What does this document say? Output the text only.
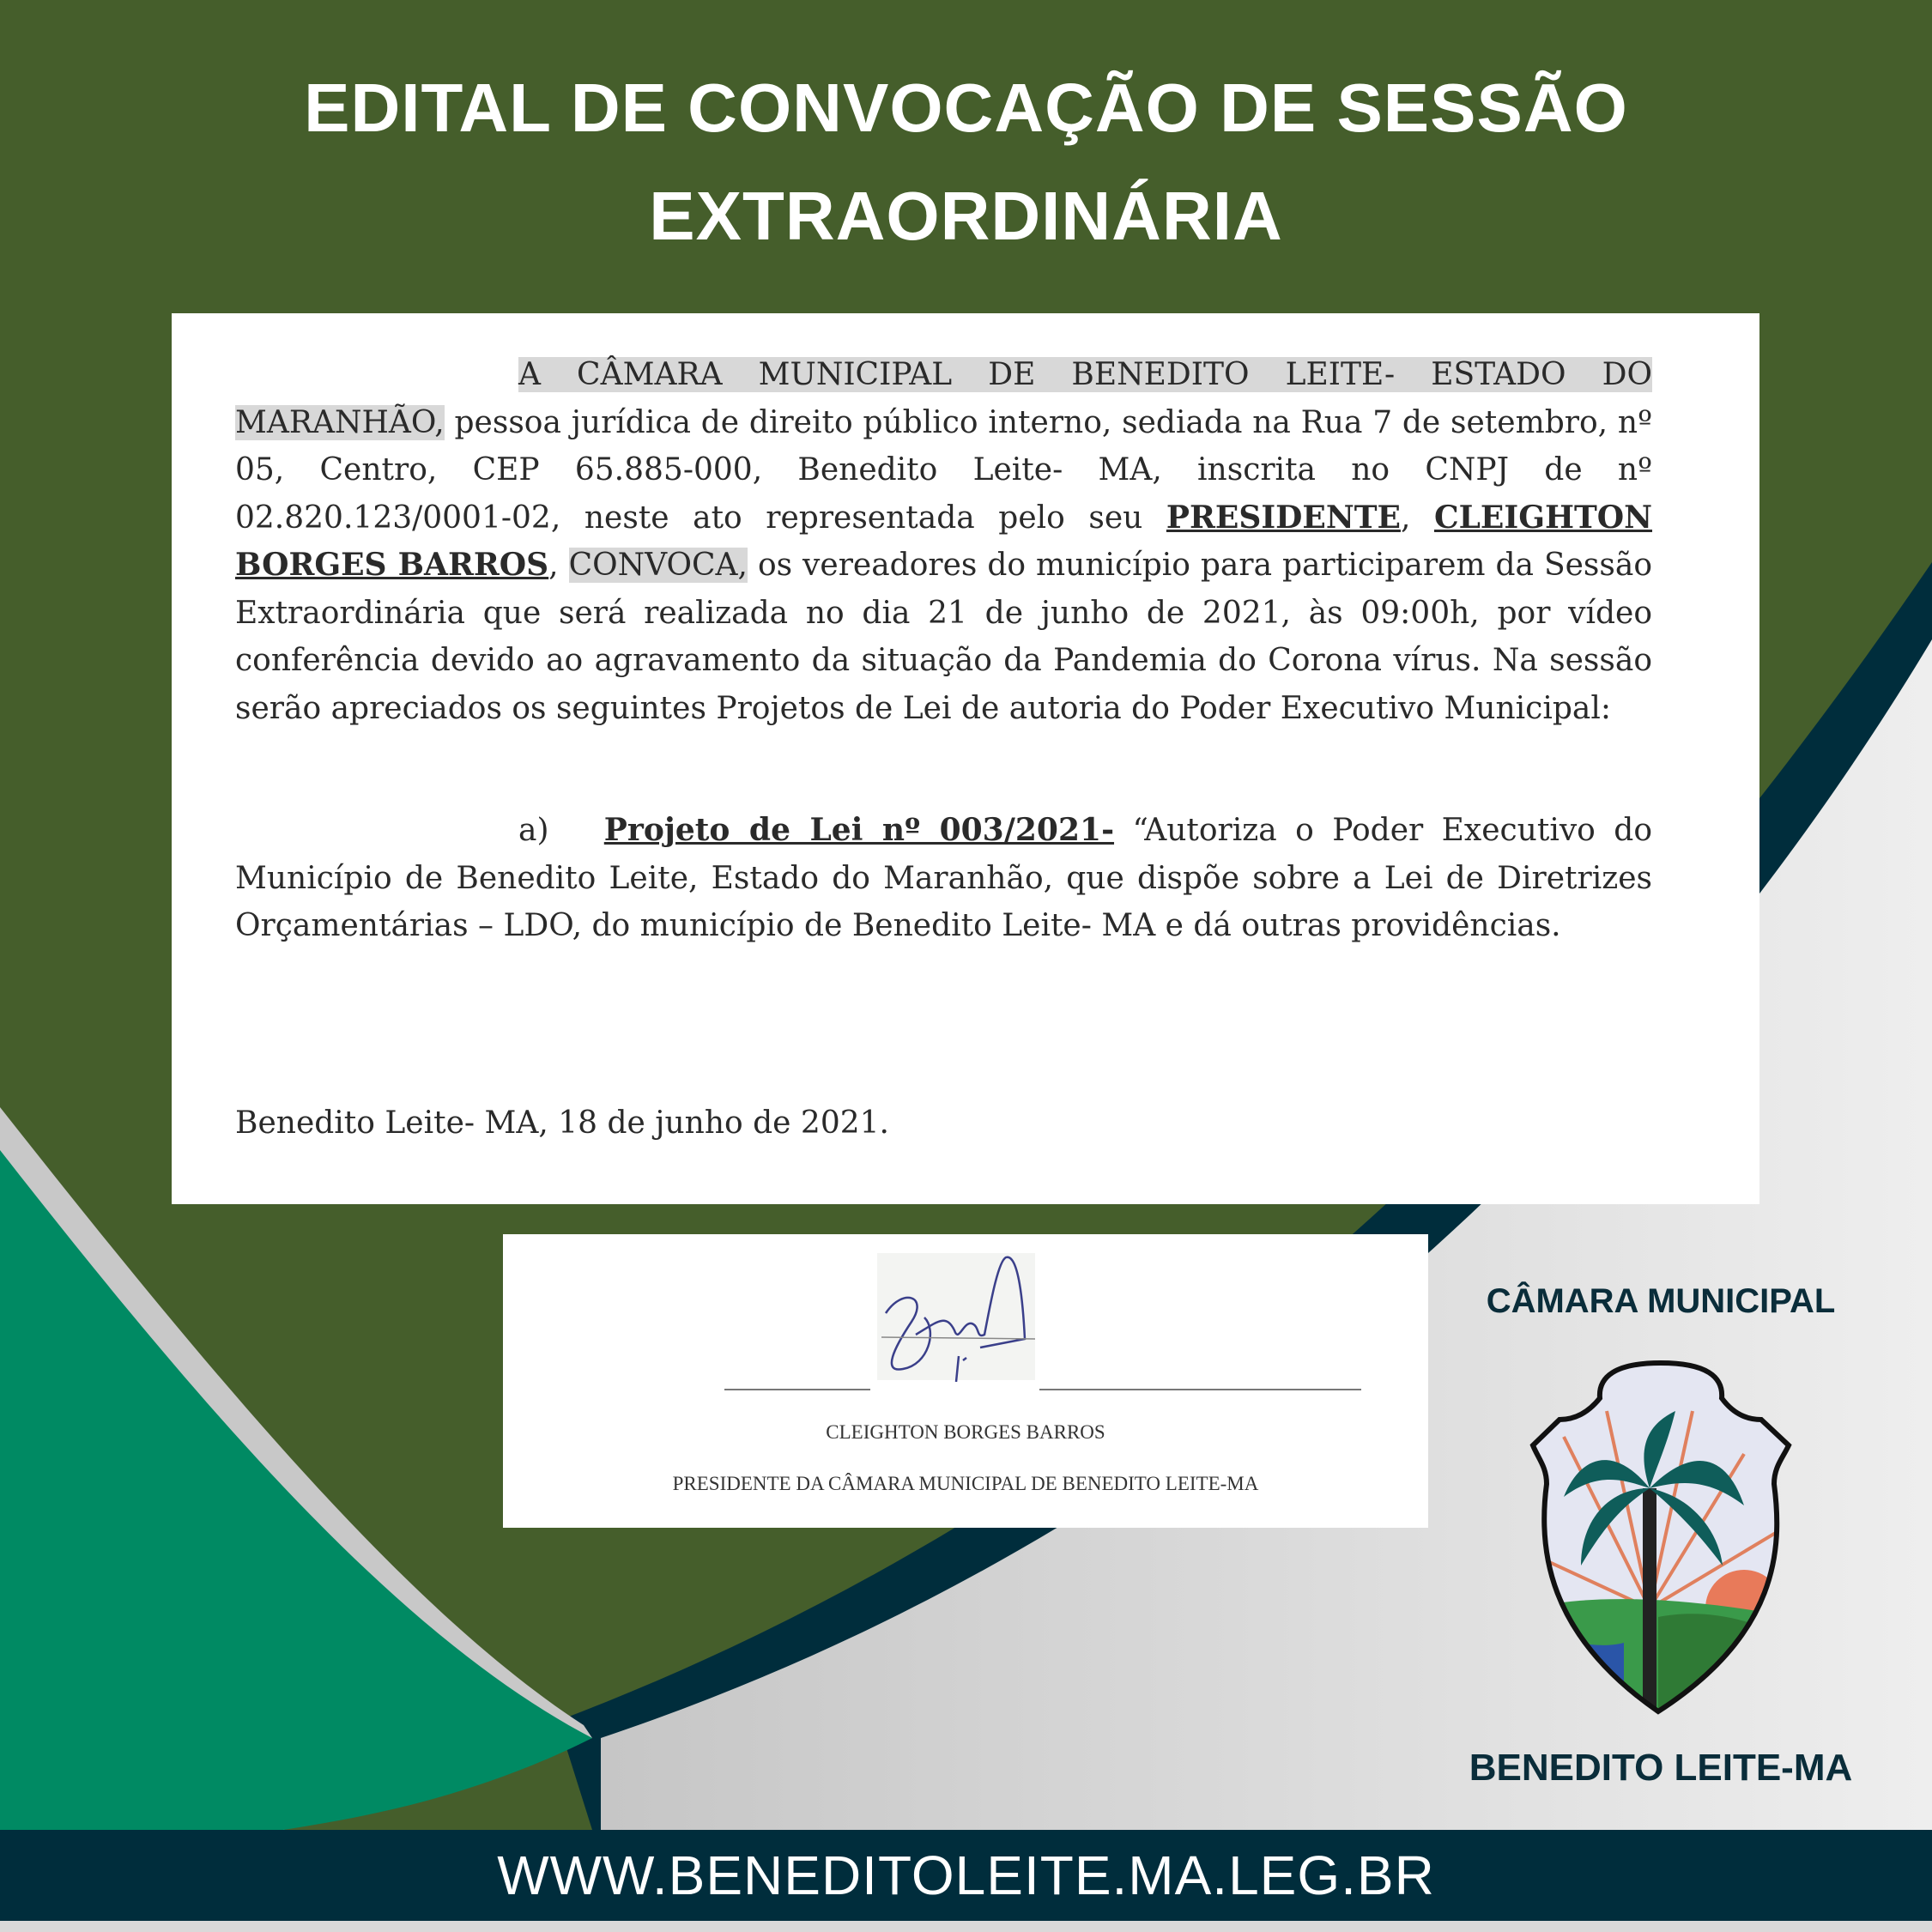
EDITAL DE CONVOCAÇÃO DE SESSÃO
EXTRAORDINÁRIA
A CÂMARA MUNICIPAL DE BENEDITO LEITE- ESTADO DO MARANHÃO, pessoa jurídica de direito público interno, sediada na Rua 7 de setembro, nº 05, Centro, CEP 65.885-000, Benedito Leite- MA, inscrita no CNPJ de nº 02.820.123/0001-02, neste ato representada pelo seu PRESIDENTE, CLEIGHTON BORGES BARROS, CONVOCA, os vereadores do município para participarem da Sessão Extraordinária que será realizada no dia 21 de junho de 2021, às 09:00h, por vídeo conferência devido ao agravamento da situação da Pandemia do Corona vírus. Na sessão serão apreciados os seguintes Projetos de Lei de autoria do Poder Executivo Municipal:
a) Projeto de Lei nº 003/2021- “Autoriza o Poder Executivo do Município de Benedito Leite, Estado do Maranhão, que dispõe sobre a Lei de Diretrizes Orçamentárias – LDO, do município de Benedito Leite- MA e dá outras providências.
Benedito Leite- MA, 18 de junho de 2021.
CLEIGHTON BORGES BARROS
PRESIDENTE DA CÂMARA MUNICIPAL DE BENEDITO LEITE-MA
CÂMARA MUNICIPAL
BENEDITO LEITE-MA
WWW.BENEDITOLEITE.MA.LEG.BR
